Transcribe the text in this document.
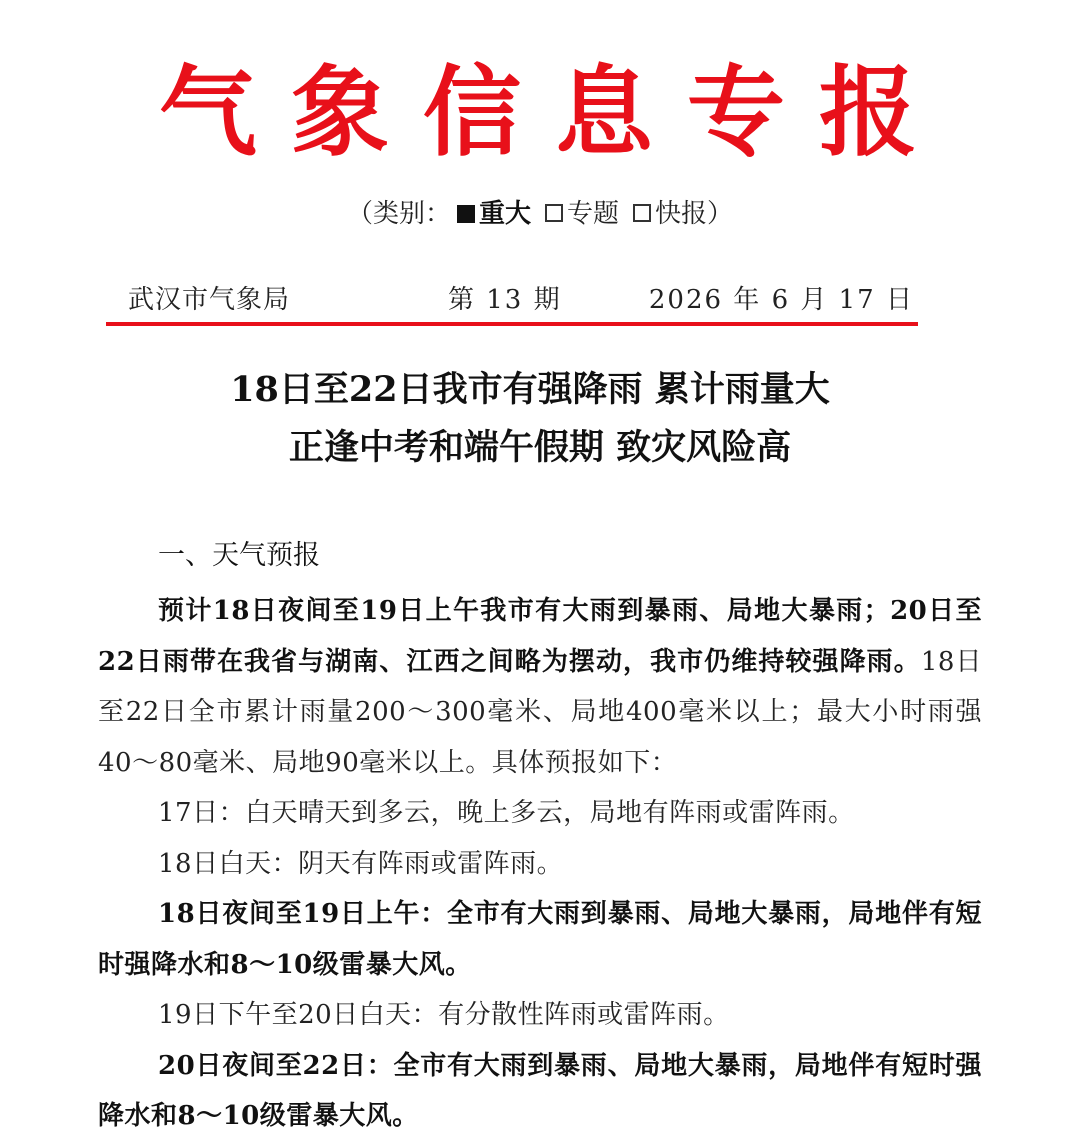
气象信息专报
（类别： 重大 专题 快报）
武汉市气象局	第 13 期	2026 年 6 月 17 日
18日至22日我市有强降雨 累计雨量大
正逢中考和端午假期 致灾风险高
一、天气预报

预计18日夜间至19日上午我市有大雨到暴雨、局地大暴雨；20日至22日雨带在我省与湖南、江西之间略为摆动，我市仍维持较强降雨。18日至22日全市累计雨量200～300毫米、局地400毫米以上；最大小时雨强40～80毫米、局地90毫米以上。具体预报如下：

17日：白天晴天到多云，晚上多云，局地有阵雨或雷阵雨。

18日白天：阴天有阵雨或雷阵雨。

18日夜间至19日上午：全市有大雨到暴雨、局地大暴雨，局地伴有短时强降水和8～10级雷暴大风。

19日下午至20日白天：有分散性阵雨或雷阵雨。

20日夜间至22日：全市有大雨到暴雨、局地大暴雨，局地伴有短时强降水和8～10级雷暴大风。
